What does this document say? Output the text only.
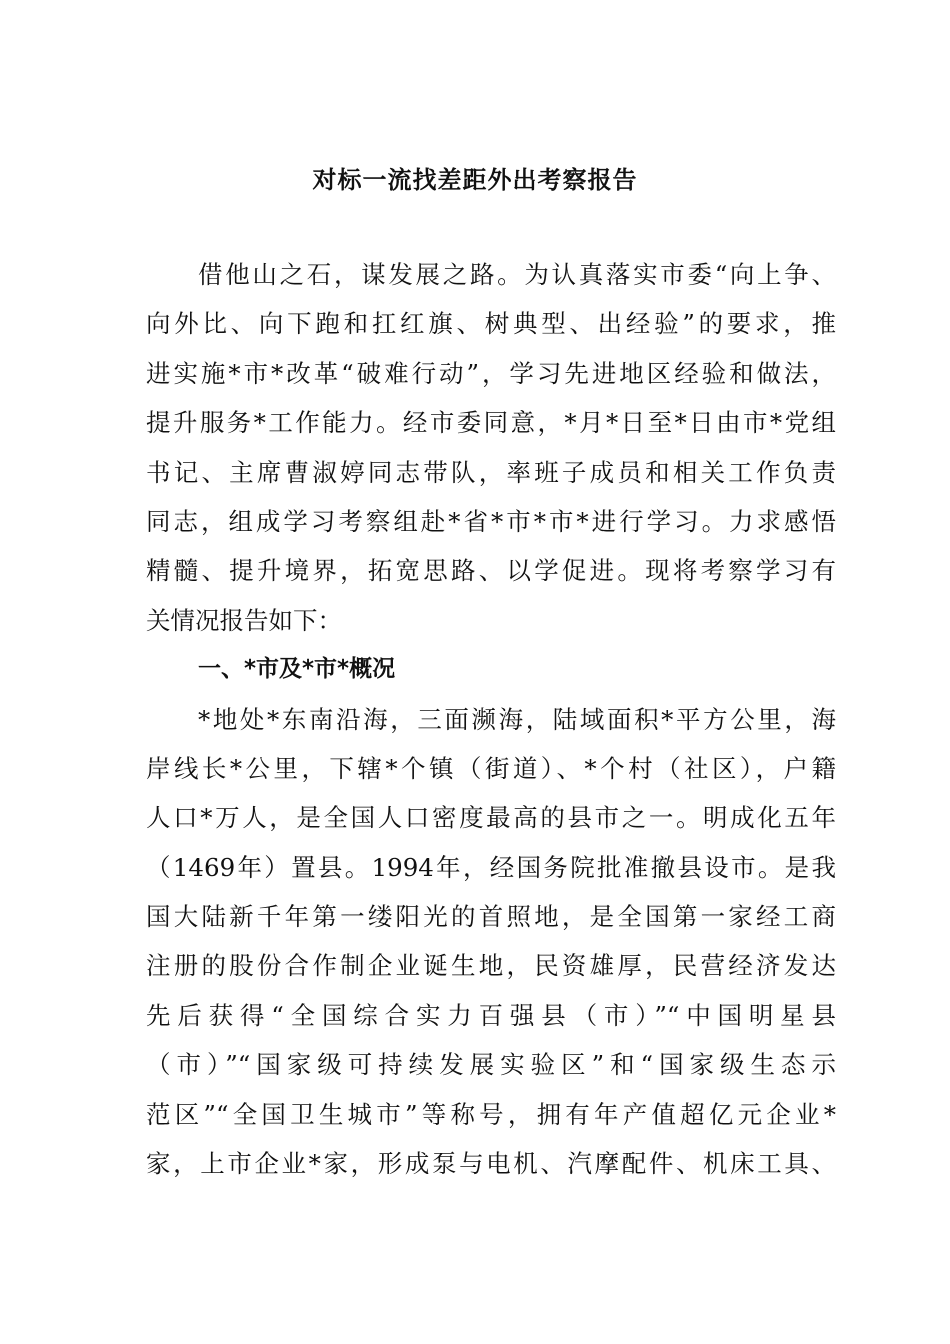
对标一流找差距外出考察报告
借他山之石，谋发展之路。为认真落实市委“向上争、
向外比、向下跑和扛红旗、树典型、出经验”的要求，推
进实施*市*改革“破难行动”，学习先进地区经验和做法，
提升服务*工作能力。经市委同意，*月*日至*日由市*党组
书记、主席曹淑婷同志带队，率班子成员和相关工作负责
同志，组成学习考察组赴*省*市*市*进行学习。力求感悟
精髓、提升境界，拓宽思路、以学促进。现将考察学习有
关情况报告如下：
一、*市及*市*概况
*地处*东南沿海，三面濒海，陆域面积*平方公里，海
岸线长*公里，下辖*个镇（街道）、*个村（社区），户籍
人口*万人，是全国人口密度最高的县市之一。明成化五年
（1469年）置县。1994年，经国务院批准撤县设市。是我
国大陆新千年第一缕阳光的首照地，是全国第一家经工商
注册的股份合作制企业诞生地，民资雄厚，民营经济发达
先后获得“全国综合实力百强县（市）”“中国明星县
（市）”“国家级可持续发展实验区”和“国家级生态示
范区”“全国卫生城市”等称号，拥有年产值超亿元企业*
家，上市企业*家，形成泵与电机、汽摩配件、机床工具、
